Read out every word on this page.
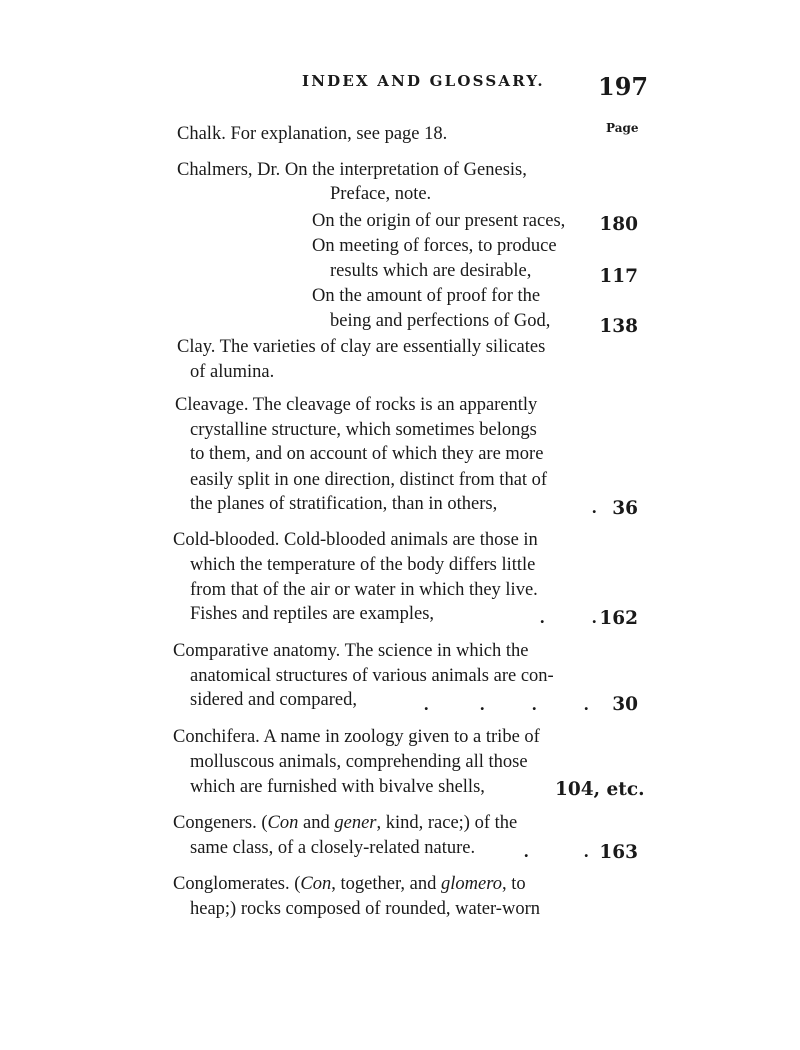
INDEX AND GLOSSARY. 197
Page
Chalk. For explanation, see page 18.
Chalmers, Dr. On the interpretation of Genesis,
Preface, note.
On the origin of our present races, 180
On meeting of forces, to produce
results which are desirable,	117
On the amount of proof for the
being and perfections of God,	138
Clay. The varieties of clay are essentially silicates
of alumina.
Cleavage. The cleavage of rocks is an apparently
crystalline structure, which sometimes belongs
to them, and on account of which they are more
easily split in one direction, distinct from that of
the planes of stratification, than in others,	. 36
Cold-blooded. Cold-blooded animals are those in
which the temperature of the body differs little
from that of the air or water in which they live.
Fishes and reptiles are examples,	.	. 162
Comparative anatomy. The science in which the
anatomical structures of various animals are con-
sidered and compared,	.	.	.	.	30
Conchifera. A name in zoology given to a tribe of
molluscous animals, comprehending all those
which are furnished with bivalve shells,	104, etc.
Congeners. (Con and gener, kind, race;) of the
same class, of a closely-related nature.	.	. 163
Conglomerates. (Con, together, and glomero, to
heap;) rocks composed of rounded, water-worn
